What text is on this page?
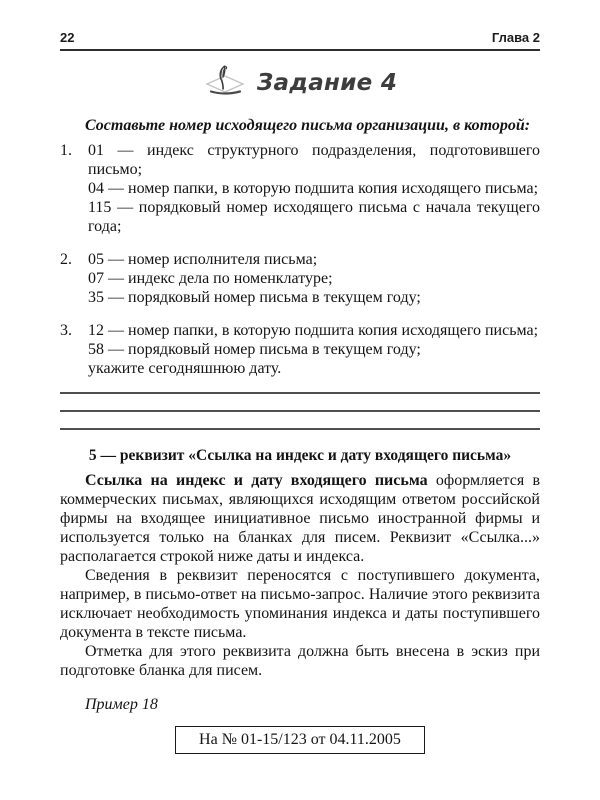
22	Глава 2
Задание 4
Составьте номер исходящего письма организации, в которой:
1.	01 — индекс структурного подразделения, подготовившего письмо;
04 — номер папки, в которую подшита копия исходящего письма;
115 — порядковый номер исходящего письма с начала текущего года;
2.	05 — номер исполнителя письма;
07 — индекс дела по номенклатуре;
35 — порядковый номер письма в текущем году;
3.	12 — номер папки, в которую подшита копия исходящего письма;
58 — порядковый номер письма в текущем году;
укажите сегодняшнюю дату.
5 — реквизит «Ссылка на индекс и дату входящего письма»

Ссылка на индекс и дату входящего письма оформляется в коммерческих письмах, являющихся исходящим ответом российской фирмы на входящее инициативное письмо иностранной фирмы и используется только на бланках для писем. Реквизит «Ссылка...» располагается строкой ниже даты и индекса.

Сведения в реквизит переносятся с поступившего документа, например, в письмо-ответ на письмо-запрос. Наличие этого реквизита исключает необходимость упоминания индекса и даты поступившего документа в тексте письма.

Отметка для этого реквизита должна быть внесена в эскиз при подготовке бланка для писем.

Пример 18
На № 01-15/123 от 04.11.2005
